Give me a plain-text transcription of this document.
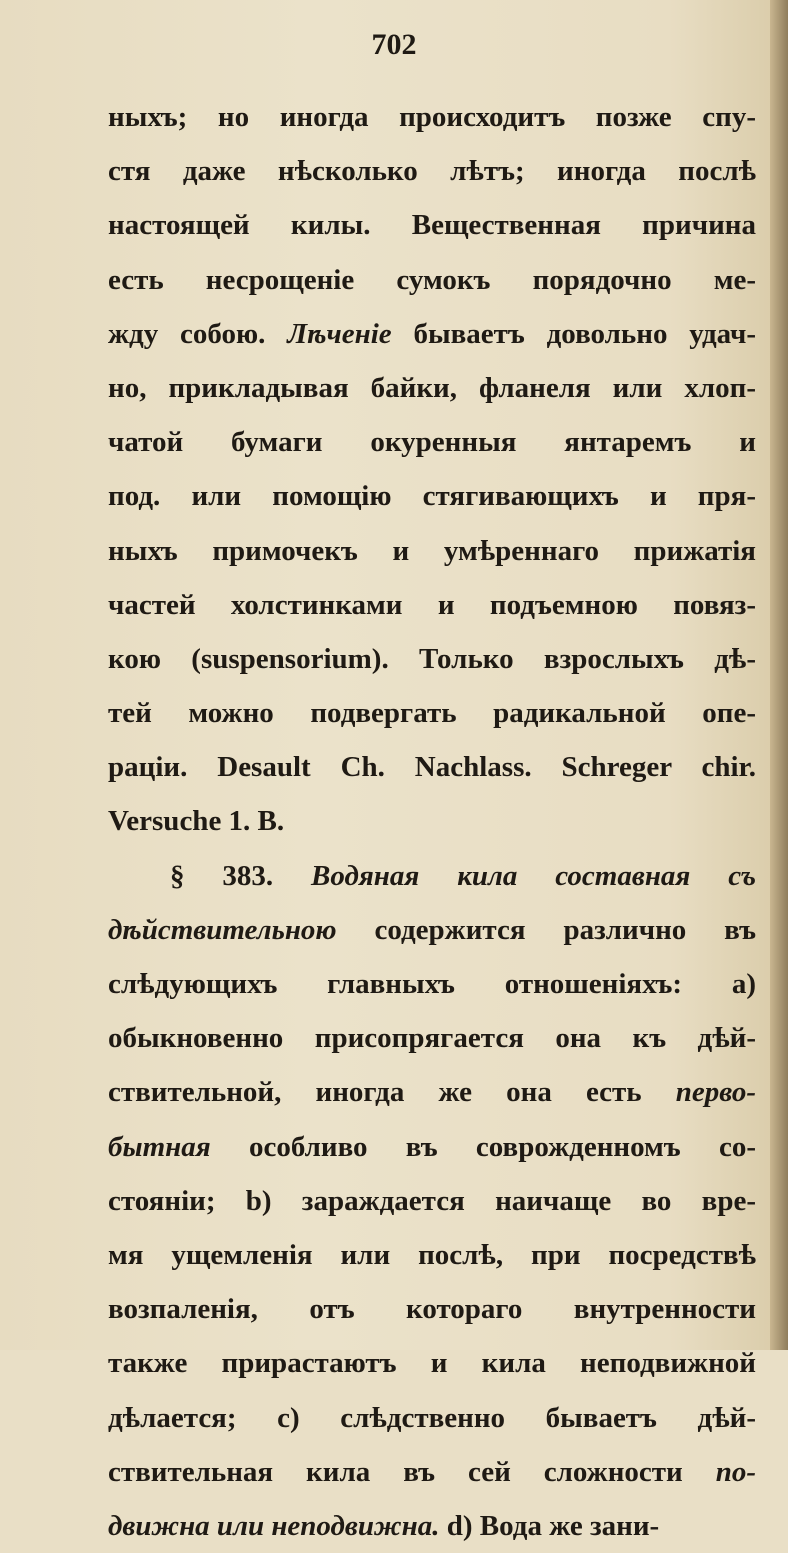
702
ныхъ; но иногда происходитъ позже спу-
стя даже нѣсколько лѣтъ; иногда послѣ
настоящей килы. Вещественная причина
есть несрощеніе сумокъ порядочно ме-
жду собою. Лѣченіе бываетъ довольно удач-
но, прикладывая байки, фланеля или хлоп-
чатой бумаги окуренныя янтаремъ и
под. или помощію стягивающихъ и пря-
ныхъ примочекъ и умѣреннаго прижатія
частей холстинками и подъемною повяз-
кою (suspensorium). Только взрослыхъ дѣ-
тей можно подвергать радикальной опе-
раціи. Desault Ch. Nachlass. Schreger chir.
Versuche 1. B.
§ 383. Водяная кила составная съ
дѣйствительною содержится различно въ
слѣдующихъ главныхъ отношеніяхъ: a)
обыкновенно присопрягается она къ дѣй-
ствительной, иногда же она есть перво-
бытная особливо въ соврожденномъ со-
стояніи; b) зараждается наичаще во вре-
мя ущемленія или послѣ, при посредствѣ
возпаленія, отъ котораго внутренности
также прирастаютъ и кила неподвижной
дѣлается; c) слѣдственно бываетъ дѣй-
ствительная кила въ сей сложности по-
движна или неподвижна. d) Вода же зани-
